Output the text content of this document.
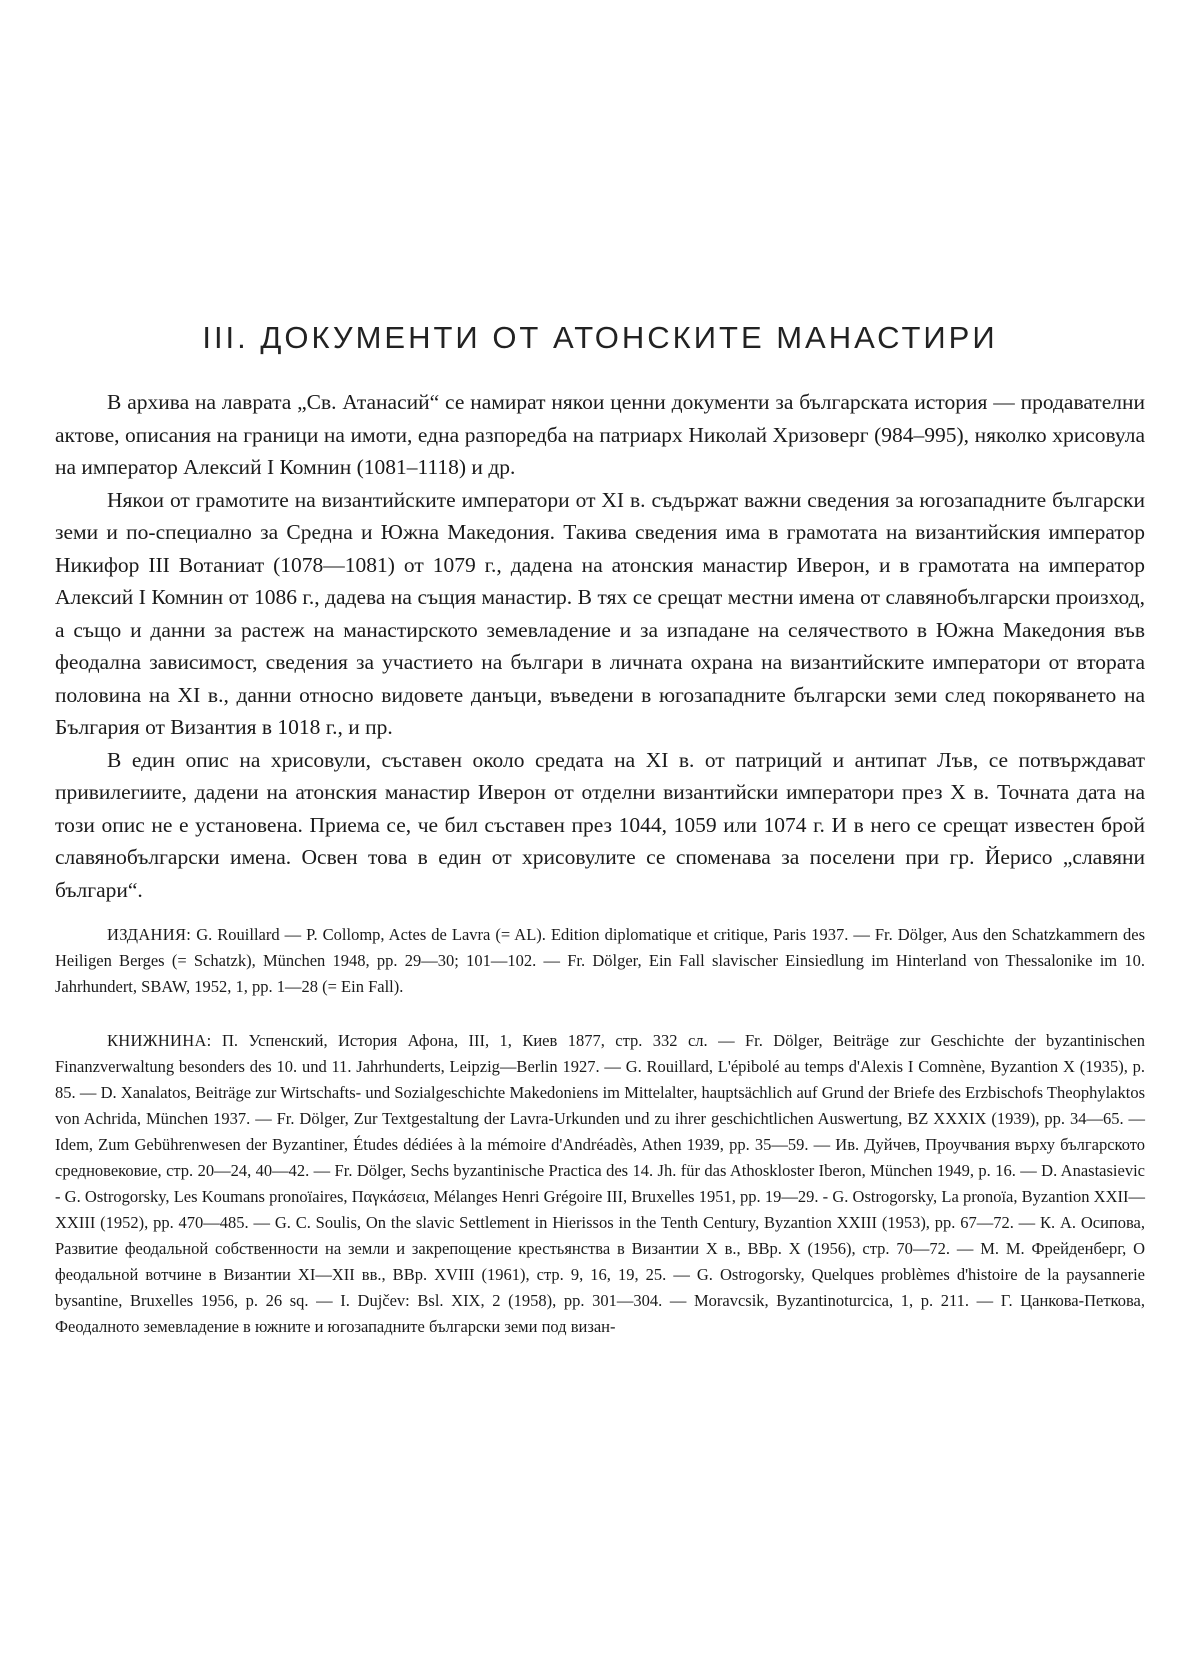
III. ДОКУМЕНТИ ОТ АТОНСКИТЕ МАНАСТИРИ

В архива на лаврата „Св. Атанасий“ се намират някои ценни документи за българската история — продавателни актове, описания на граници на имоти, една разпоредба на патриарх Николай Хризоверг (984–995), няколко хрисовула на император Алексий I Комнин (1081–1118) и др.

Някои от грамотите на византийските императори от XI в. съдържат важни сведения за югозападните български земи и по-специално за Средна и Южна Македония. Такива сведения има в грамотата на византийския император Никифор III Вотаниат (1078—1081) от 1079 г., дадена на атонския манастир Иверон, и в грамотата на император Алексий I Комнин от 1086 г., дадева на същия манастир. В тях се срещат местни имена от славянобългарски произход, а също и данни за растеж на манастирското земевладение и за изпадане на селячеството в Южна Македония във феодална зависимост, сведения за участието на българи в личната охрана на византийските императори от втората половина на XI в., данни относно видовете данъци, въведени в югозападните български земи след покоряването на България от Византия в 1018 г., и пр.

В един опис на хрисовули, съставен около средата на XI в. от патриций и антипат Лъв, се потвърждават привилегиите, дадени на атонския манастир Иверон от отделни византийски императори през X в. Точната дата на този опис не е установена. Приема се, че бил съставен през 1044, 1059 или 1074 г. И в него се срещат известен брой славянобългарски имена. Освен това в един от хрисовулите се споменава за поселени при гр. Йерисо „славяни българи“.

ИЗДАНИЯ: G. Rouillard — P. Collomp, Actes de Lavra (= AL). Edition diplomatique et critique, Paris 1937. — Fr. Dölger, Aus den Schatzkammern des Heiligen Berges (= Schatzk), München 1948, pp. 29—30; 101—102. — Fr. Dölger, Ein Fall slavischer Einsiedlung im Hinterland von Thessalonike im 10. Jahrhundert, SBAW, 1952, 1, pp. 1—28 (= Ein Fall).
КНИЖНИНА: П. Успенский, История Афона, III, 1, Киев 1877, стр. 332 сл. — Fr. Dölger, Beiträge zur Geschichte der byzantinischen Finanzverwaltung besonders des 10. und 11. Jahrhunderts, Leipzig—Berlin 1927. — G. Rouillard, L'épibolé au temps d'Alexis I Comnène, Byzantion X (1935), p. 85. — D. Xanalatos, Beiträge zur Wirtschafts- und Sozialgeschichte Makedoniens im Mittelalter, hauptsächlich auf Grund der Briefe des Erzbischofs Theophylaktos von Achrida, München 1937. — Fr. Dölger, Zur Textgestaltung der Lavra-Urkunden und zu ihrer geschichtlichen Auswertung, BZ XXXIX (1939), pp. 34—65. — Idem, Zum Gebührenwesen der Byzantiner, Études dédiées à la mémoire d'Andréadès, Athen 1939, pp. 35—59. — Ив. Дуйчев, Проучвания върху българското средновековие, стр. 20—24, 40—42. — Fr. Dölger, Sechs byzantinische Practica des 14. Jh. für das Athoskloster Iberon, München 1949, p. 16. — D. Anastasievic - G. Ostrogorsky, Les Koumans pronoïaires, Παγκάσεια, Mélanges Henri Grégoire III, Bruxelles 1951, pp. 19—29. - G. Ostrogorsky, La pronoïa, Byzantion XXII—XXIII (1952), pp. 470—485. — G. C. Soulis, On the slavic Settlement in Hierissos in the Tenth Century, Byzantion XXIII (1953), pp. 67—72. — К. А. Осипова, Развитие феодальной собственности на земли и закрепощение крестьянства в Византии X в., ВВр. X (1956), стр. 70—72. — М. М. Фрейденберг, О феодальной вотчине в Византии XI—XII вв., ВВр. XVIII (1961), стр. 9, 16, 19, 25. — G. Ostrogorsky, Quelques problèmes d'histoire de la paysannerie bysantine, Bruxelles 1956, p. 26 sq. — I. Dujčev: Bsl. XIX, 2 (1958), pp. 301—304. — Moravcsik, Byzantinoturcica, 1, p. 211. — Г. Цанкова-Петкова, Феодалното земевладение в южните и югозападните български земи под визан-
